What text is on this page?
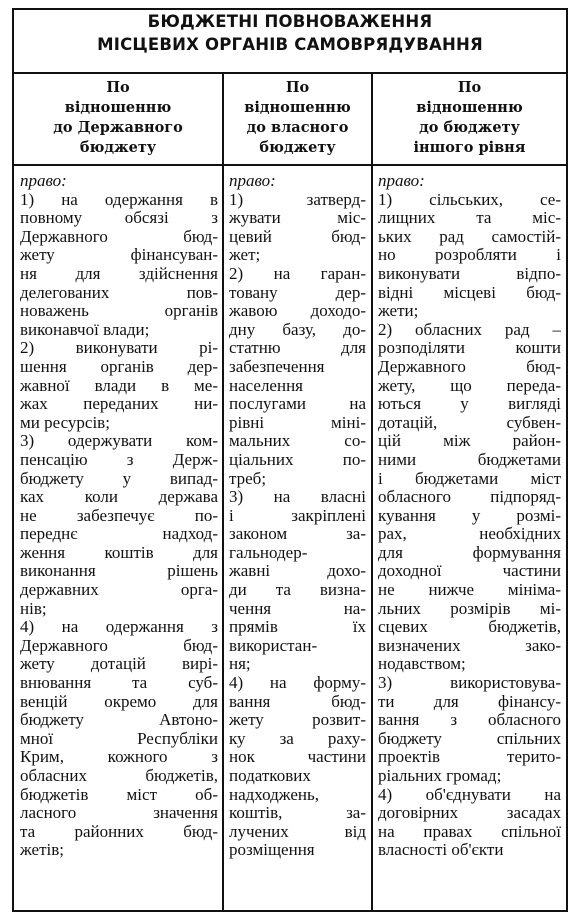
БЮДЖЕТНІ ПОВНОВАЖЕННЯ
МІСЦЕВИХ ОРГАНІВ САМОВРЯДУВАННЯ
По
відношенню
до Державного
бюджету
По
відношенню
до власного
бюджету
По
відношенню
до бюджету
іншого рівня
право:
1) на одержання в
повному обсязі з
Державного бюд-
жету фінансуван-
ня для здійснення
делегованих пов-
новажень органів
виконавчої влади;
2) виконувати рі-
шення органів дер-
жавної влади в ме-
жах переданих ни-
ми ресурсів;
3) одержувати ком-
пенсацію з Держ-
бюджету у випад-
ках коли держава
не забезпечує по-
переднє надход-
ження коштів для
виконання рішень
державних орга-
нів;
4) на одержання з
Державного бюд-
жету дотацій вирі-
внювання та суб-
венцій окремо для
бюджету Автоно-
мної Республіки
Крим, кожного з
обласних бюджетів,
бюджетів міст об-
ласного значення
та районних бюд-
жетів;
право:
1) затверд-
жувати міс-
цевий бюд-
жет;
2) на гаран-
товану дер-
жавою доходо-
дну базу, до-
статню для
забезпечення
населення
послугами на
рівні міні-
мальних со-
ціальних по-
треб;
3) на власні
і закріплені
законом за-
гальнодер-
жавні дохо-
ди та визна-
чення на-
прямів їх
використан-
ня;
4) на форму-
вання бюд-
жету розвит-
ку за раху-
нок частини
податкових
надходжень,
коштів, за-
лучених від
розміщення
право:
1) сільських, се-
лищних та міс-
ьких рад самостій-
но розробляти і
виконувати відпо-
відні місцеві бюд-
жети;
2) обласних рад –
розподіляти кошти
Державного бюд-
жету, що переда-
ються у вигляді
дотацій, субвен-
цій між район-
ними бюджетами
і бюджетами міст
обласного підпоряд-
кування у розмі-
рах, необхідних
для формування
доходної частини
не нижче мініма-
льних розмірів мі-
сцевих бюджетів,
визначених зако-
нодавством;
3) використовува-
ти для фінансу-
вання з обласного
бюджету спільних
проектів терито-
ріальних громад;
4) об'єднувати на
договірних засадах
на правах спільної
власності об'єкти
